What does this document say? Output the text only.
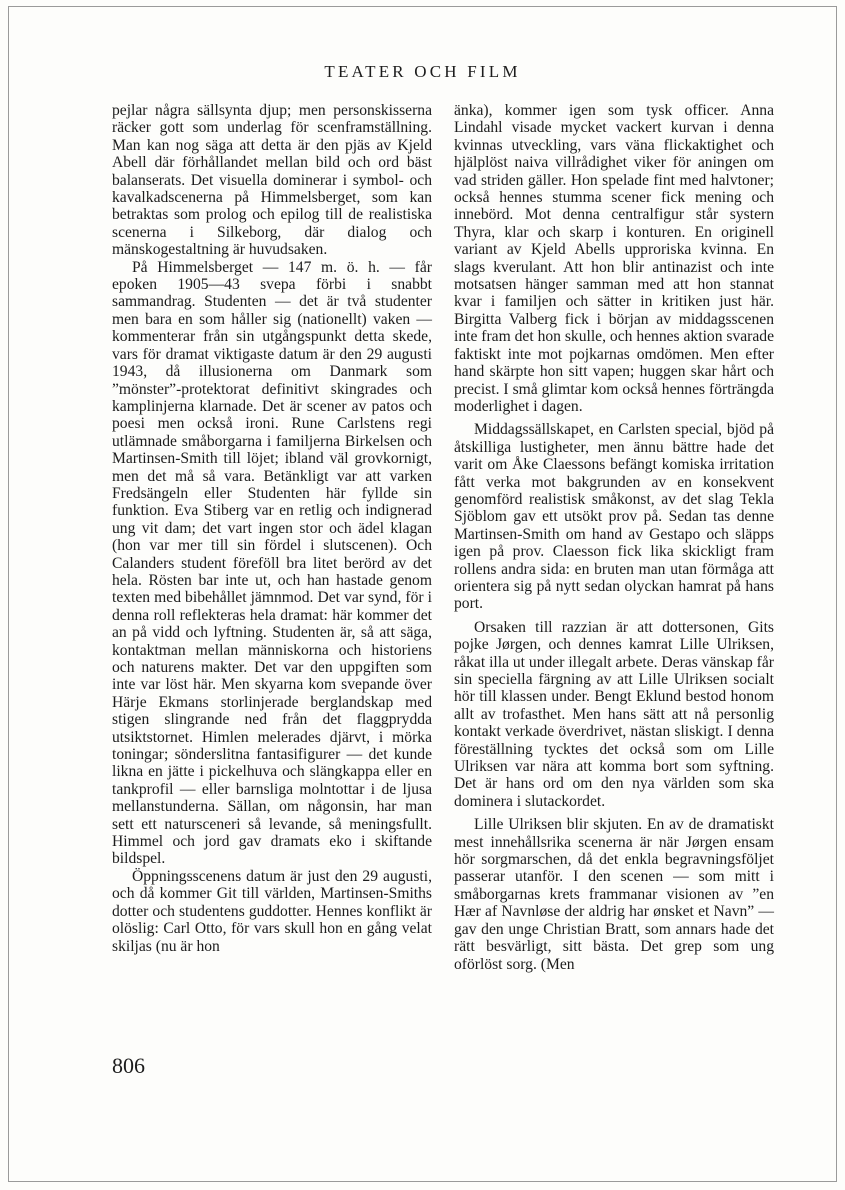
TEATER OCH FILM

pejlar några sällsynta djup; men personskisserna räcker gott som underlag för scenframställning. Man kan nog säga att detta är den pjäs av Kjeld Abell där förhållandet mellan bild och ord bäst balanserats. Det visuella dominerar i symbol- och kavalkadscenerna på Himmelsberget, som kan betraktas som prolog och epilog till de realistiska scenerna i Silkeborg, där dialog och mänskogestaltning är huvudsaken.

På Himmelsberget — 147 m. ö. h. — får epoken 1905—43 svepa förbi i snabbt sammandrag. Studenten — det är två studenter men bara en som håller sig (nationellt) vaken — kommenterar från sin utgångspunkt detta skede, vars för dramat viktigaste datum är den 29 augusti 1943, då illusionerna om Danmark som ”mönster”-protektorat definitivt skingrades och kamplinjerna klarnade. Det är scener av patos och poesi men också ironi. Rune Carlstens regi utlämnade småborgarna i familjerna Birkelsen och Martinsen-Smith till löjet; ibland väl grovkornigt, men det må så vara. Betänkligt var att varken Fredsängeln eller Studenten här fyllde sin funktion. Eva Stiberg var en retlig och indignerad ung vit dam; det vart ingen stor och ädel klagan (hon var mer till sin fördel i slutscenen). Och Calanders student föreföll bra litet berörd av det hela. Rösten bar inte ut, och han hastade genom texten med bibehållet jämnmod. Det var synd, för i denna roll reflekteras hela dramat: här kommer det an på vidd och lyftning. Studenten är, så att säga, kontaktman mellan människorna och historiens och naturens makter. Det var den uppgiften som inte var löst här. Men skyarna kom svepande över Härje Ekmans storlinjerade berglandskap med stigen slingrande ned från det flaggprydda utsiktstornet. Himlen melerades djärvt, i mörka toningar; sönderslitna fantasifigurer — det kunde likna en jätte i pickelhuva och slängkappa eller en tankprofil — eller barnsliga molntottar i de ljusa mellanstunderna. Sällan, om någonsin, har man sett ett natursceneri så levande, så meningsfullt. Himmel och jord gav dramats eko i skiftande bildspel.

Öppningsscenens datum är just den 29 augusti, och då kommer Git till världen, Martinsen-Smiths dotter och studentens guddotter. Hennes konflikt är olöslig: Carl Otto, för vars skull hon en gång velat skiljas (nu är hon

änka), kommer igen som tysk officer. Anna Lindahl visade mycket vackert kurvan i denna kvinnas utveckling, vars väna flickaktighet och hjälplöst naiva villrådighet viker för aningen om vad striden gäller. Hon spelade fint med halvtoner; också hennes stumma scener fick mening och innebörd. Mot denna centralfigur står systern Thyra, klar och skarp i konturen. En originell variant av Kjeld Abells upproriska kvinna. En slags kverulant. Att hon blir antinazist och inte motsatsen hänger samman med att hon stannat kvar i familjen och sätter in kritiken just här. Birgitta Valberg fick i början av middagsscenen inte fram det hon skulle, och hennes aktion svarade faktiskt inte mot pojkarnas omdömen. Men efter hand skärpte hon sitt vapen; huggen skar hårt och precist. I små glimtar kom också hennes förträngda moderlighet i dagen.

Middagssällskapet, en Carlsten special, bjöd på åtskilliga lustigheter, men ännu bättre hade det varit om Åke Claessons befängt komiska irritation fått verka mot bakgrunden av en konsekvent genomförd realistisk småkonst, av det slag Tekla Sjöblom gav ett utsökt prov på. Sedan tas denne Martinsen-Smith om hand av Gestapo och släpps igen på prov. Claesson fick lika skickligt fram rollens andra sida: en bruten man utan förmåga att orientera sig på nytt sedan olyckan hamrat på hans port.

Orsaken till razzian är att dottersonen, Gits pojke Jørgen, och dennes kamrat Lille Ulriksen, råkat illa ut under illegalt arbete. Deras vänskap får sin speciella färgning av att Lille Ulriksen socialt hör till klassen under. Bengt Eklund bestod honom allt av trofasthet. Men hans sätt att nå personlig kontakt verkade överdrivet, nästan sliskigt. I denna föreställning tycktes det också som om Lille Ulriksen var nära att komma bort som syftning. Det är hans ord om den nya världen som ska dominera i slutackordet.

Lille Ulriksen blir skjuten. En av de dramatiskt mest innehållsrika scenerna är när Jørgen ensam hör sorgmarschen, då det enkla begravningsföljet passerar utanför. I den scenen — som mitt i småborgarnas krets frammanar visionen av ”en Hær af Navnløse der aldrig har ønsket et Navn” — gav den unge Christian Bratt, som annars hade det rätt besvärligt, sitt bästa. Det grep som ung oförlöst sorg. (Men

806
